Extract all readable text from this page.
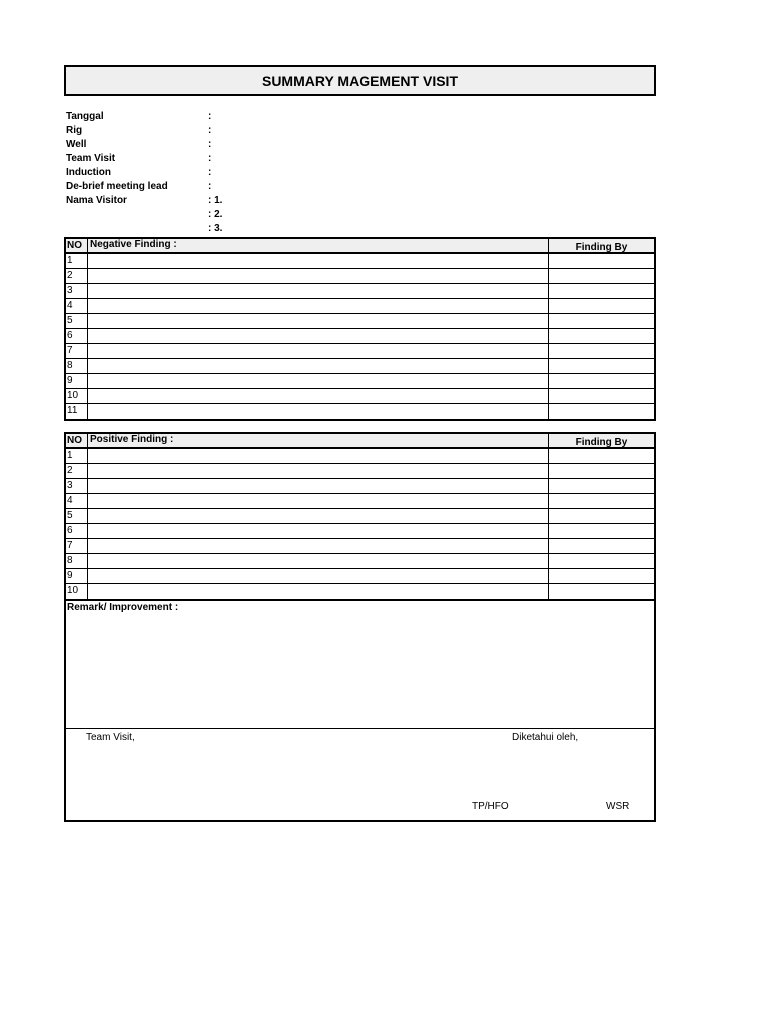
SUMMARY MAGEMENT VISIT
Tanggal	:
Rig	:
Well	:
Team Visit	:
Induction	:
De-brief meeting lead	:
Nama Visitor	: 1.
: 2.
: 3.
NO Negative Finding :	Finding By
1
2
3
4
5
6
7
8
9
10
11
NO Positive Finding :	Finding By
1
2
3
4
5
6
7
8
9
10
Remark/ Improvement :
Team Visit,	Diketahui oleh,
TP/HFO	WSR
